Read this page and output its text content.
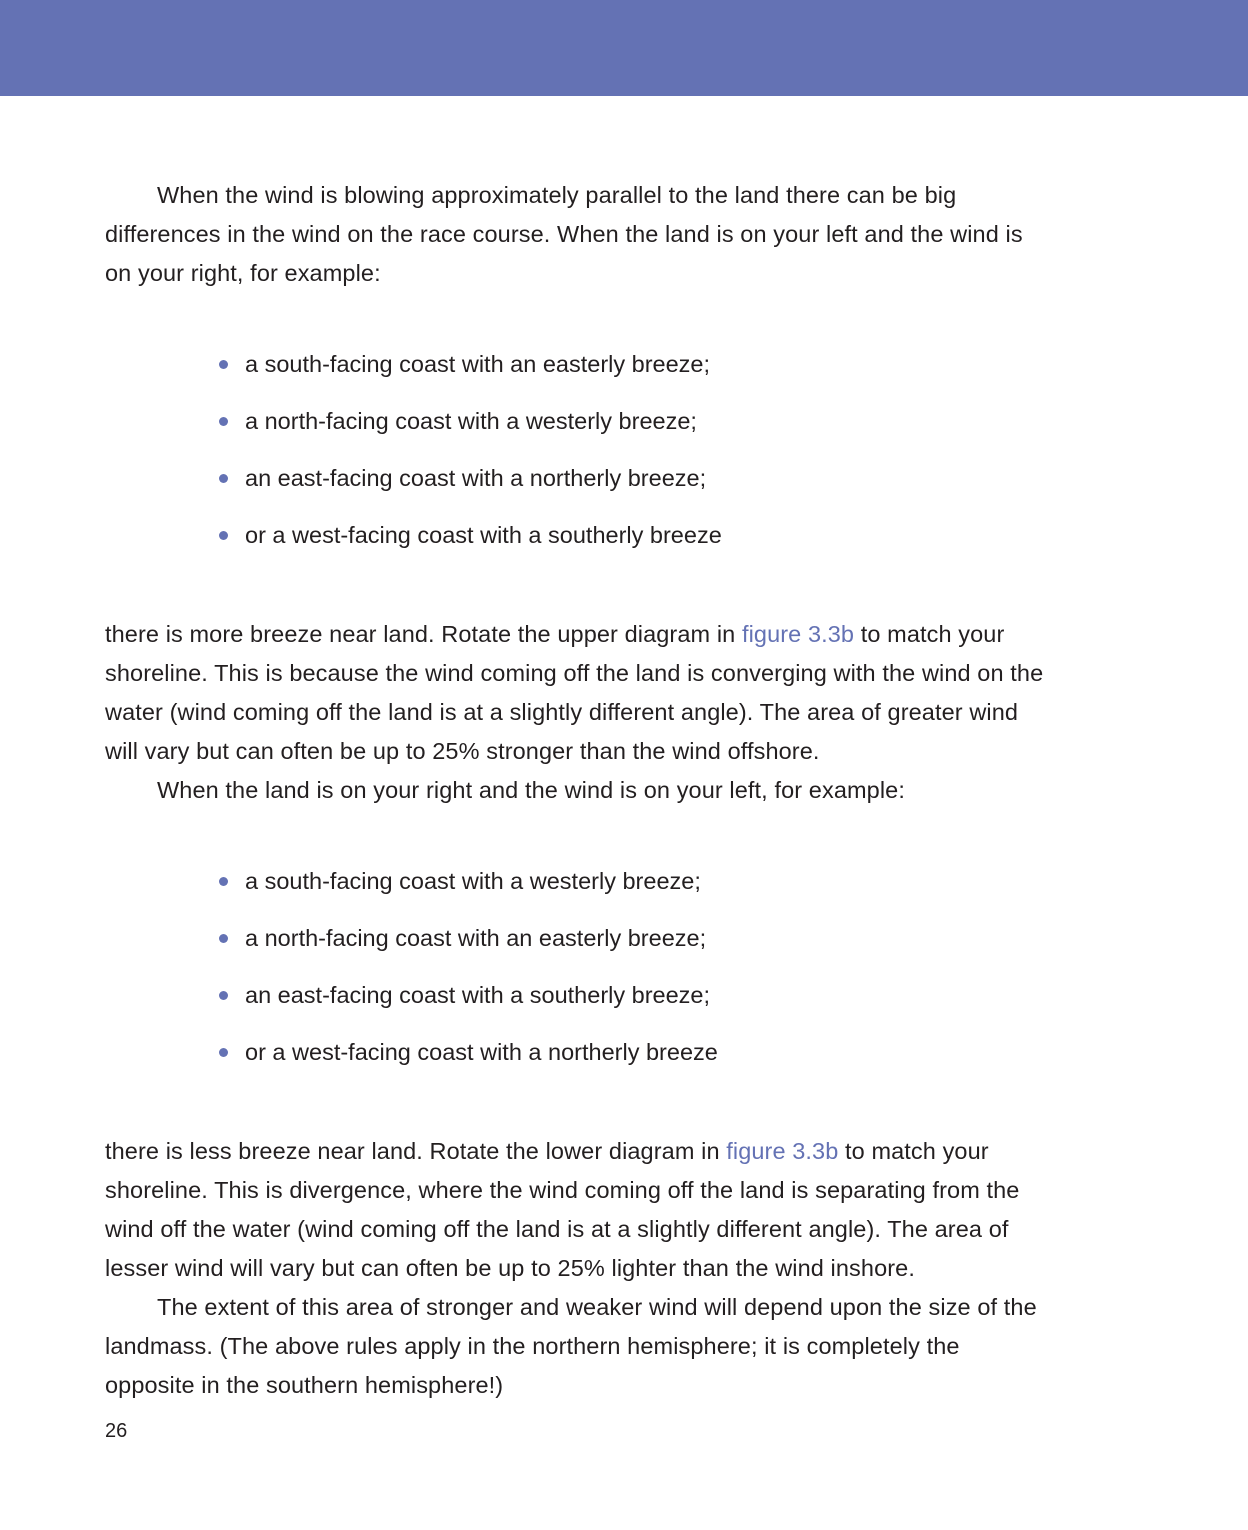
When the wind is blowing approximately parallel to the land there can be big differences in the wind on the race course. When the land is on your left and the wind is on your right, for example:

a south-facing coast with an easterly breeze;
a north-facing coast with a westerly breeze;
an east-facing coast with a northerly breeze;
or a west-facing coast with a southerly breeze

there is more breeze near land. Rotate the upper diagram in figure 3.3b to match your shoreline. This is because the wind coming off the land is converging with the wind on the water (wind coming off the land is at a slightly different angle). The area of greater wind will vary but can often be up to 25% stronger than the wind offshore.

When the land is on your right and the wind is on your left, for example:

a south-facing coast with a westerly breeze;
a north-facing coast with an easterly breeze;
an east-facing coast with a southerly breeze;
or a west-facing coast with a northerly breeze

there is less breeze near land. Rotate the lower diagram in figure 3.3b to match your shoreline. This is divergence, where the wind coming off the land is separating from the wind off the water (wind coming off the land is at a slightly different angle). The area of lesser wind will vary but can often be up to 25% lighter than the wind inshore.

The extent of this area of stronger and weaker wind will depend upon the size of the landmass. (The above rules apply in the northern hemisphere; it is completely the opposite in the southern hemisphere!)

26
